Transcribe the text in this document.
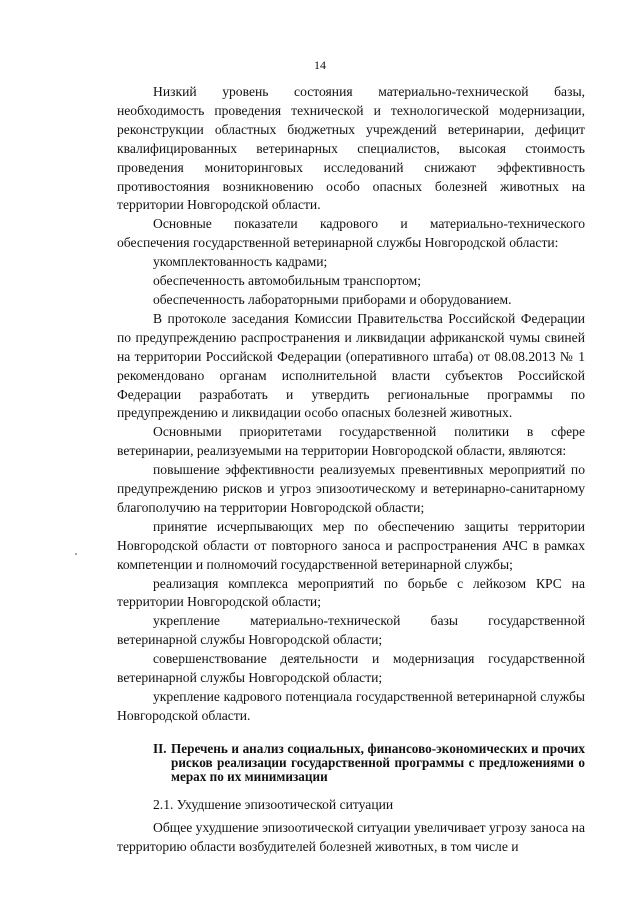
14

Низкий уровень состояния материально-технической базы, необходимость проведения технической и технологической модернизации, реконструкции областных бюджетных учреждений ветеринарии, дефицит квалифицированных ветеринарных специалистов, высокая стоимость проведения мониторинговых исследований снижают эффективность противостояния возникновению особо опасных болезней животных на территории Новгородской области.

Основные показатели кадрового и материально-технического обеспечения государственной ветеринарной службы Новгородской области:

укомплектованность кадрами;

обеспеченность автомобильным транспортом;

обеспеченность лабораторными приборами и оборудованием.

В протоколе заседания Комиссии Правительства Российской Федерации по предупреждению распространения и ликвидации африканской чумы свиней на территории Российской Федерации (оперативного штаба) от 08.08.2013 № 1 рекомендовано органам исполнительной власти субъектов Российской Федерации разработать и утвердить региональные программы по предупреждению и ликвидации особо опасных болезней животных.

Основными приоритетами государственной политики в сфере ветеринарии, реализуемыми на территории Новгородской области, являются:

повышение эффективности реализуемых превентивных мероприятий по предупреждению рисков и угроз эпизоотическому и ветеринарно-санитарному благополучию на территории Новгородской области;

принятие исчерпывающих мер по обеспечению защиты территории Новгородской области от повторного заноса и распространения АЧС в рамках компетенции и полномочий государственной ветеринарной службы;

реализация комплекса мероприятий по борьбе с лейкозом КРС на территории Новгородской области;

укрепление материально-технической базы государственной ветеринарной службы Новгородской области;

совершенствование деятельности и модернизация государственной ветеринарной службы Новгородской области;

укрепление кадрового потенциала государственной ветеринарной службы Новгородской области.

II. Перечень и анализ социальных, финансово-экономических и прочих рисков реализации государственной программы с предложениями о мерах по их минимизации

2.1. Ухудшение эпизоотической ситуации

Общее ухудшение эпизоотической ситуации увеличивает угрозу заноса на территорию области возбудителей болезней животных, в том числе и
